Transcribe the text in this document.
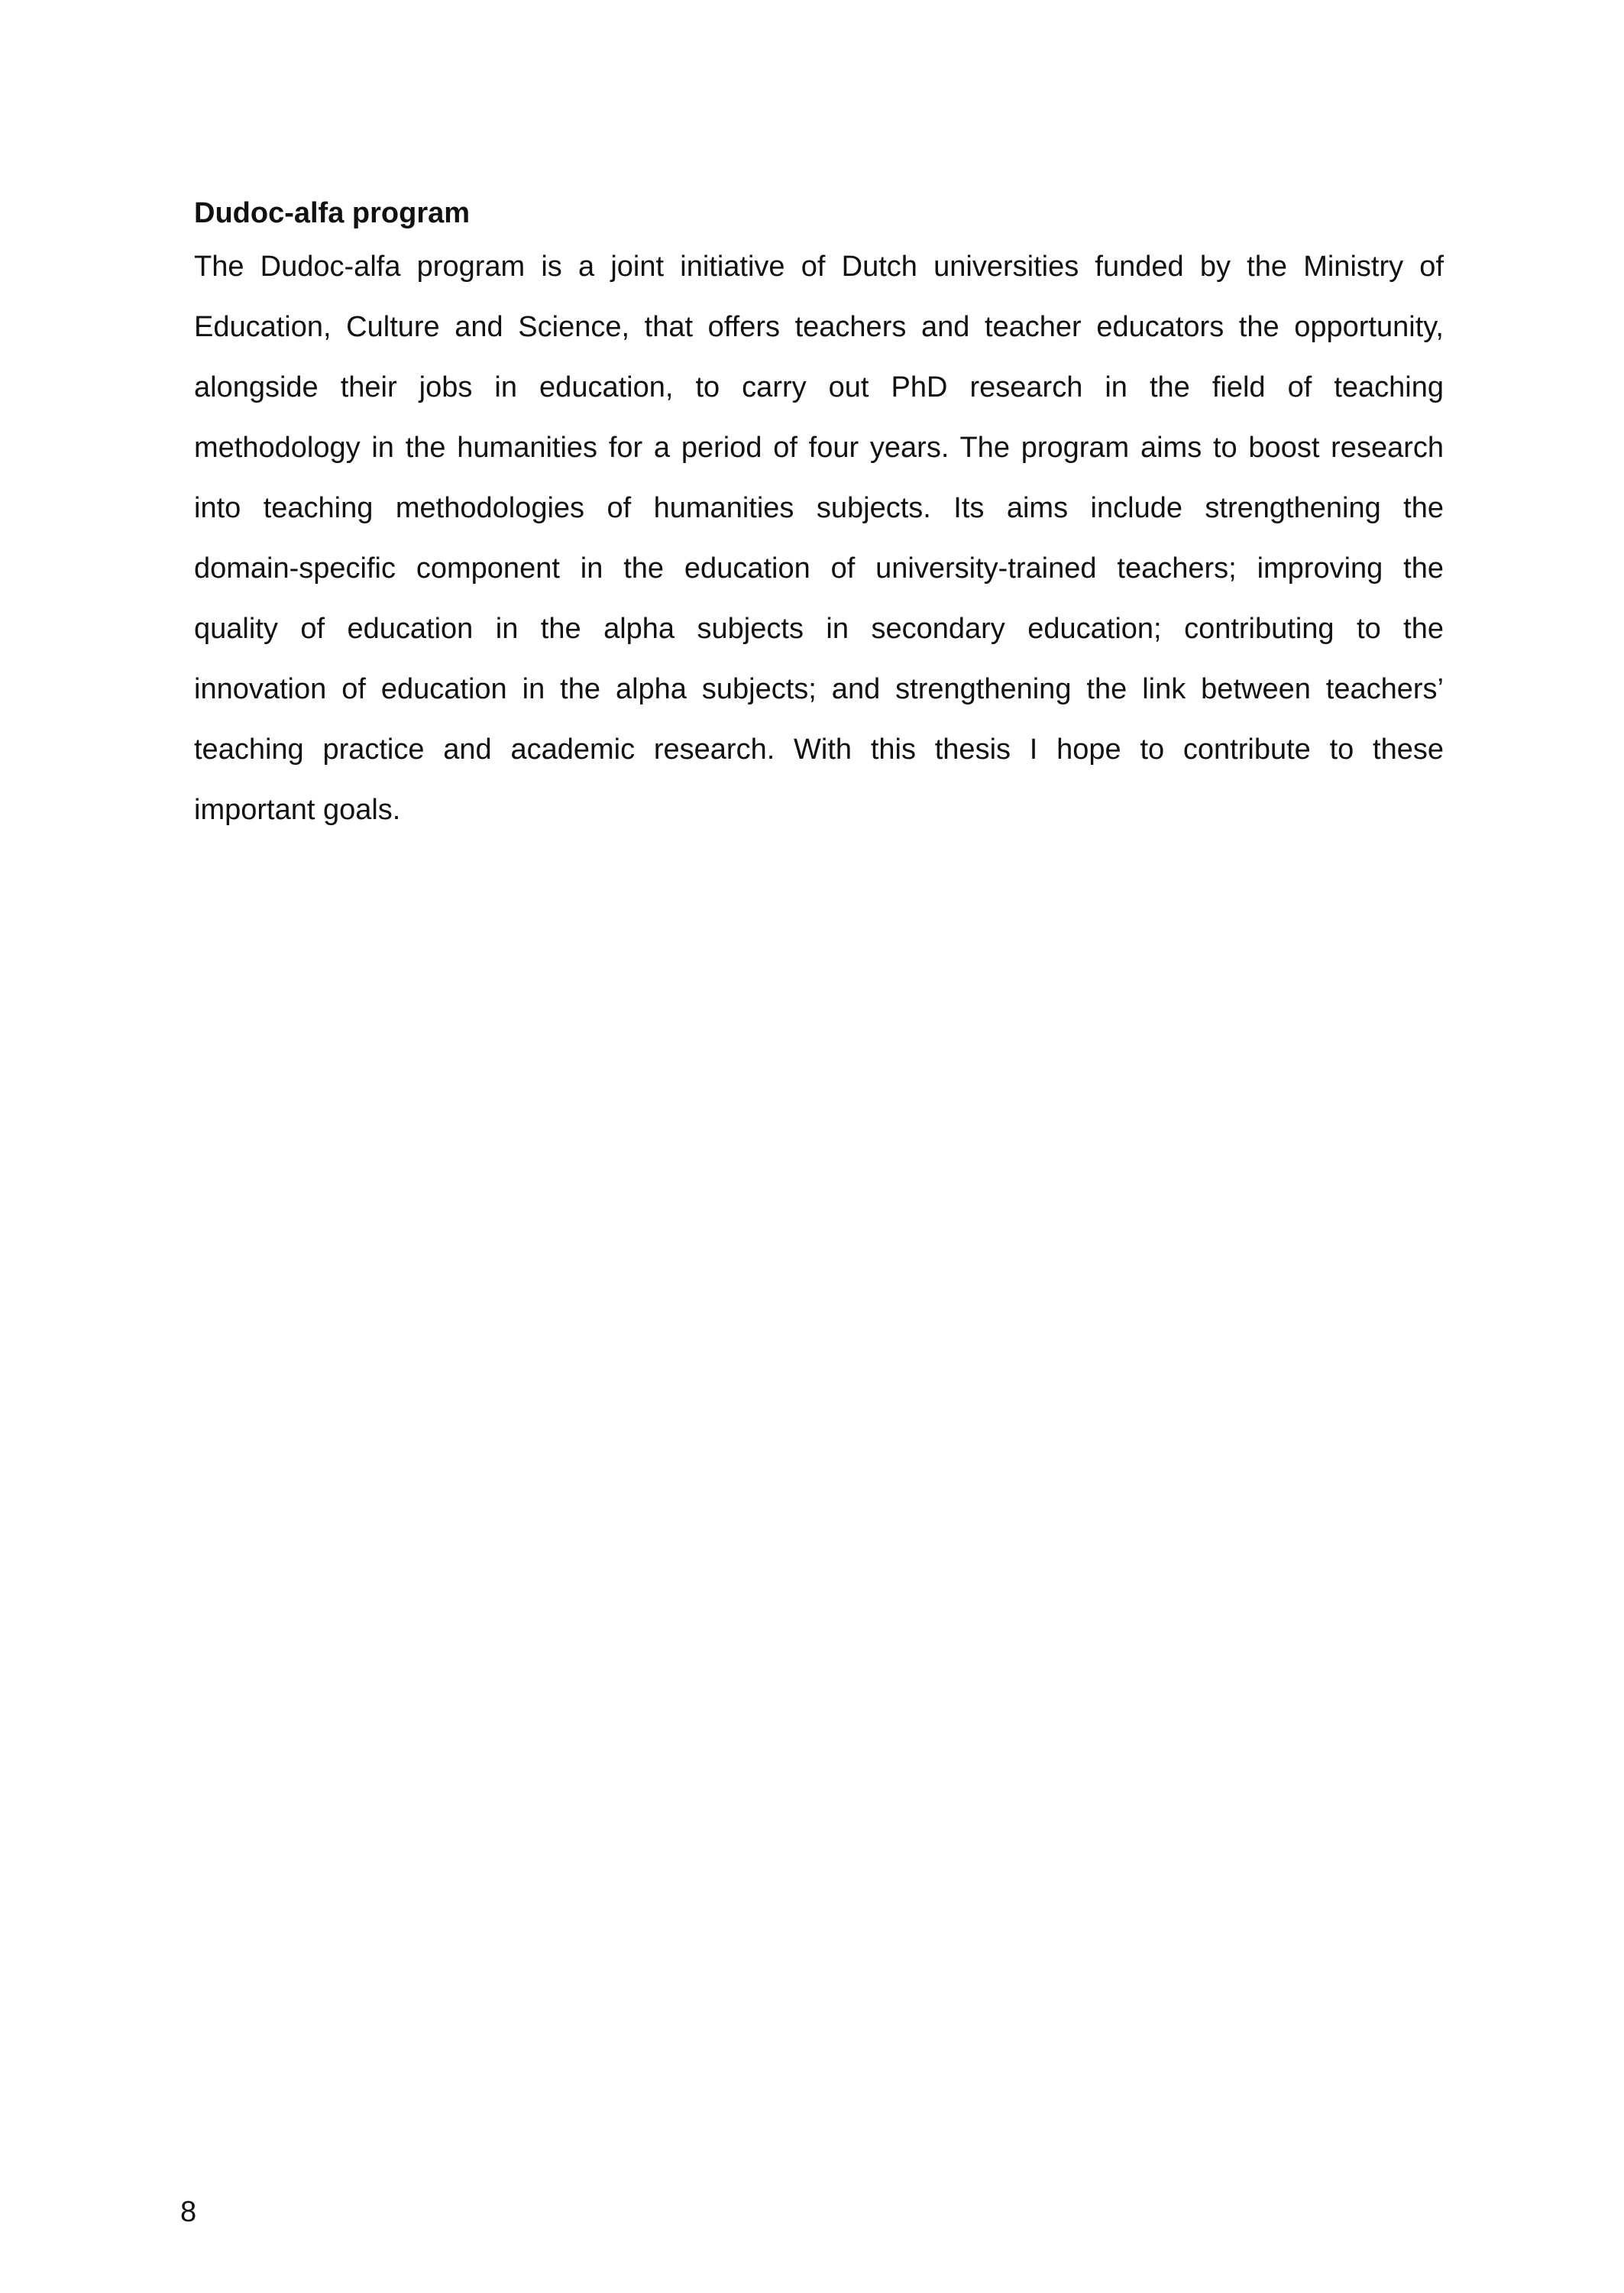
Dudoc-alfa program

The Dudoc-alfa program is a joint initiative of Dutch universities funded by the Ministry of
Education, Culture and Science, that offers teachers and teacher educators the opportunity,
alongside their jobs in education, to carry out PhD research in the field of teaching
methodology in the humanities for a period of four years. The program aims to boost research
into teaching methodologies of humanities subjects. Its aims include strengthening the
domain-specific component in the education of university-trained teachers; improving the
quality of education in the alpha subjects in secondary education; contributing to the
innovation of education in the alpha subjects; and strengthening the link between teachers’
teaching practice and academic research. With this thesis I hope to contribute to these
important goals.

8
